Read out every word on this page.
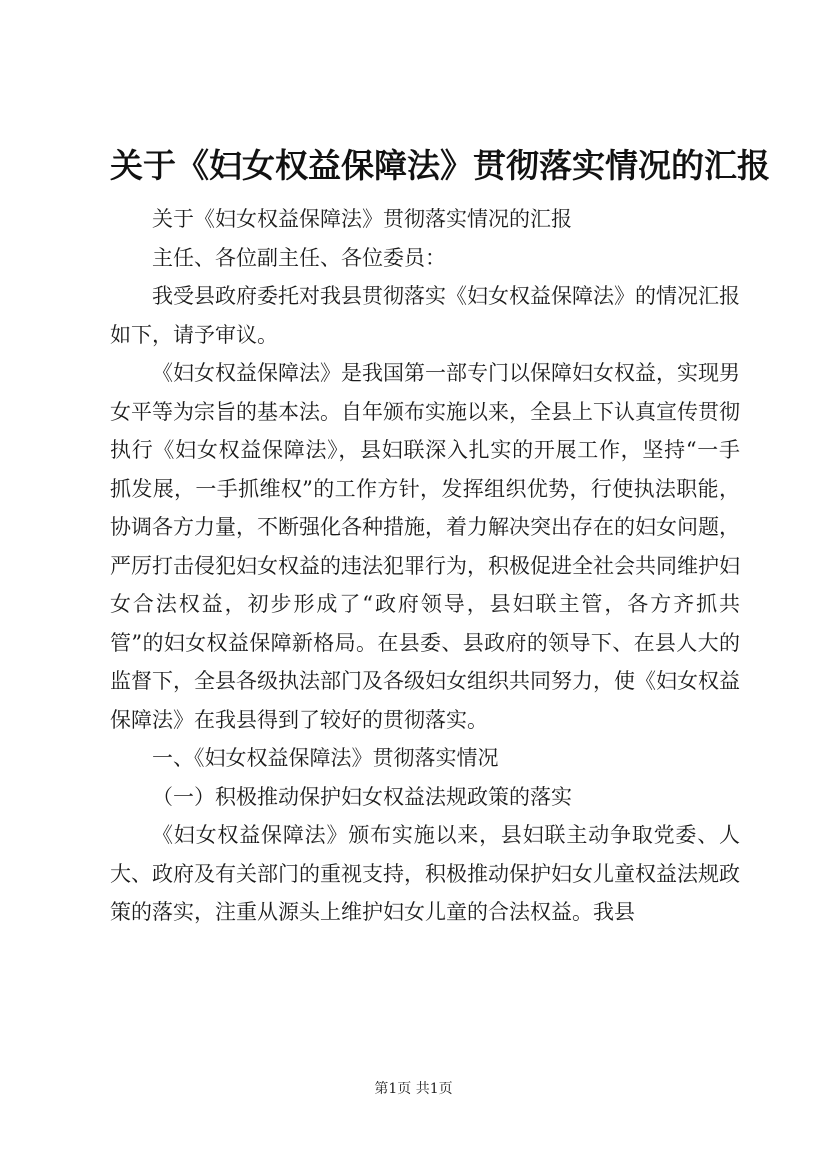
关于《妇女权益保障法》贯彻落实情况的汇报

关于《妇女权益保障法》贯彻落实情况的汇报

主任、各位副主任、各位委员：

我受县政府委托对我县贯彻落实《妇女权益保障法》的情况汇报如下，请予审议。

《妇女权益保障法》是我国第一部专门以保障妇女权益，实现男女平等为宗旨的基本法。自年颁布实施以来，全县上下认真宣传贯彻执行《妇女权益保障法》，县妇联深入扎实的开展工作，坚持“一手抓发展，一手抓维权”的工作方针，发挥组织优势，行使执法职能，协调各方力量，不断强化各种措施，着力解决突出存在的妇女问题，严厉打击侵犯妇女权益的违法犯罪行为，积极促进全社会共同维护妇女合法权益，初步形成了“政府领导，县妇联主管，各方齐抓共管”的妇女权益保障新格局。在县委、县政府的领导下、在县人大的监督下，全县各级执法部门及各级妇女组织共同努力，使《妇女权益保障法》在我县得到了较好的贯彻落实。

一、《妇女权益保障法》贯彻落实情况

（一）积极推动保护妇女权益法规政策的落实

《妇女权益保障法》颁布实施以来，县妇联主动争取党委、人大、政府及有关部门的重视支持，积极推动保护妇女儿童权益法规政策的落实，注重从源头上维护妇女儿童的合法权益。我县

第1页 共1页
